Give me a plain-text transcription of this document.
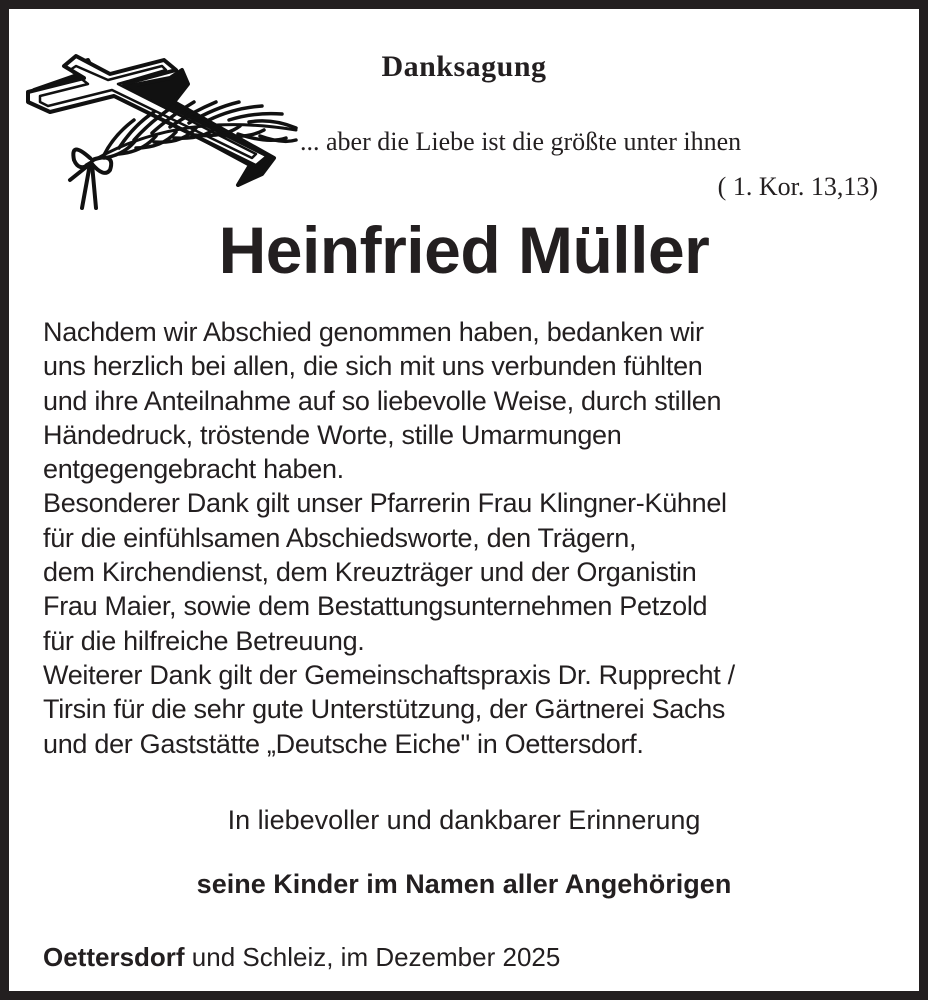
Danksagung
... aber die Liebe ist die größte unter ihnen
( 1. Kor. 13,13)
Heinfried Müller
Nachdem wir Abschied genommen haben, bedanken wir
uns herzlich bei allen, die sich mit uns verbunden fühlten
und ihre Anteilnahme auf so liebevolle Weise, durch stillen
Händedruck, tröstende Worte, stille Umarmungen
entgegengebracht haben.
Besonderer Dank gilt unser Pfarrerin Frau Klingner-Kühnel
für die einfühlsamen Abschiedsworte, den Trägern,
dem Kirchendienst, dem Kreuzträger und der Organistin
Frau Maier, sowie dem Bestattungsunternehmen Petzold
für die hilfreiche Betreuung.
Weiterer Dank gilt der Gemeinschaftspraxis Dr. Rupprecht /
Tirsin für die sehr gute Unterstützung, der Gärtnerei Sachs
und der Gaststätte „Deutsche Eiche" in Oettersdorf.
In liebevoller und dankbarer Erinnerung
seine Kinder im Namen aller Angehörigen
Oettersdorf und Schleiz, im Dezember 2025
